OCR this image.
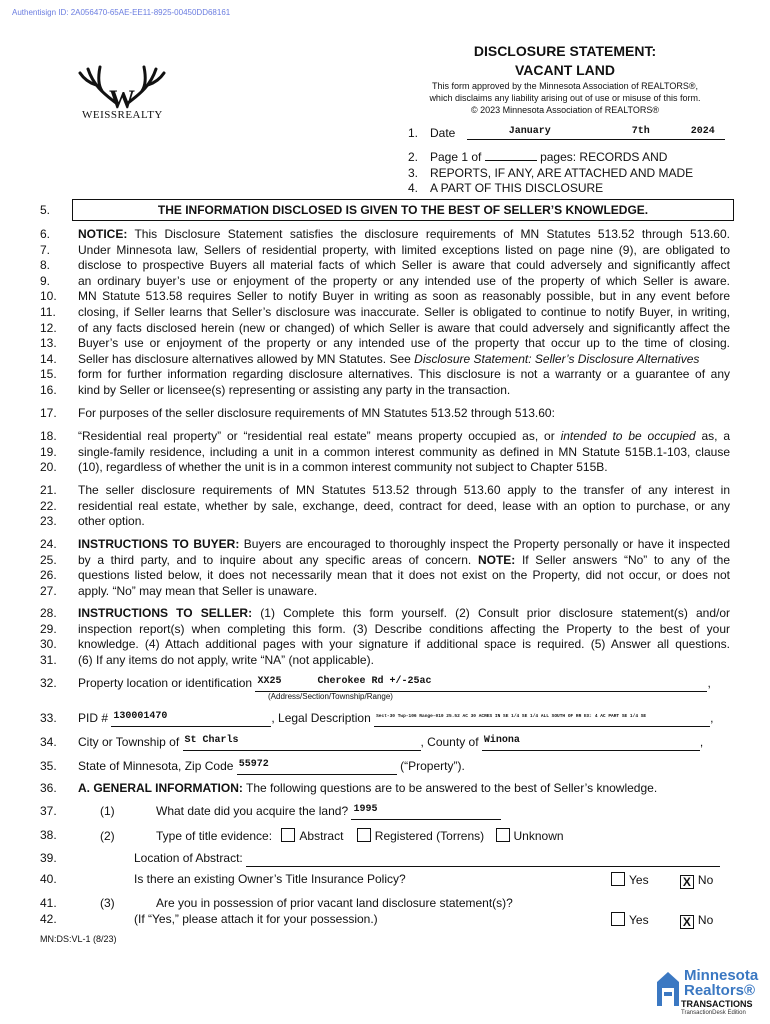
Authentisign ID: 2A056470-65AE-EE11-8925-00450DD68161
W
WEISSREALTY
DISCLOSURE STATEMENT:
VACANT LAND
This form approved by the Minnesota Association of REALTORS®,
which disclaims any liability arising out of use or misuse of this form.
© 2023 Minnesota Association of REALTORS®
1. Date	January	7th	2024
2. Page 1 of	pages: RECORDS AND
3. REPORTS, IF ANY, ARE ATTACHED AND MADE
4. A PART OF THIS DISCLOSURE
5.	THE INFORMATION DISCLOSED IS GIVEN TO THE BEST OF SELLER’S KNOWLEDGE.
6. NOTICE: This Disclosure Statement satisfies the disclosure requirements of MN Statutes 513.52 through 513.60.
7. Under Minnesota law, Sellers of residential property, with limited exceptions listed on page nine (9), are obligated to
8. disclose to prospective Buyers all material facts of which Seller is aware that could adversely and significantly affect
9. an ordinary buyer’s use or enjoyment of the property or any intended use of the property of which Seller is aware.
10. MN Statute 513.58 requires Seller to notify Buyer in writing as soon as reasonably possible, but in any event before
11. closing, if Seller learns that Seller’s disclosure was inaccurate. Seller is obligated to continue to notify Buyer, in writing,
12. of any facts disclosed herein (new or changed) of which Seller is aware that could adversely and significantly affect the
13. Buyer’s use or enjoyment of the property or any intended use of the property that occur up to the time of closing.
14. Seller has disclosure alternatives allowed by MN Statutes. See Disclosure Statement: Seller’s Disclosure Alternatives
15. form for further information regarding disclosure alternatives. This disclosure is not a warranty or a guarantee of any
16. kind by Seller or licensee(s) representing or assisting any party in the transaction.
17. For purposes of the seller disclosure requirements of MN Statutes 513.52 through 513.60:
18. “Residential real property” or “residential real estate” means property occupied as, or intended to be occupied as, a
19. single-family residence, including a unit in a common interest community as defined in MN Statute 515B.1-103, clause
20. (10), regardless of whether the unit is in a common interest community not subject to Chapter 515B.
21. The seller disclosure requirements of MN Statutes 513.52 through 513.60 apply to the transfer of any interest in
22. residential real estate, whether by sale, exchange, deed, contract for deed, lease with an option to purchase, or any
23. other option.
24. INSTRUCTIONS TO BUYER: Buyers are encouraged to thoroughly inspect the Property personally or have it inspected
25. by a third party, and to inquire about any specific areas of concern. NOTE: If Seller answers “No” to any of the
26. questions listed below, it does not necessarily mean that it does not exist on the Property, did not occur, or does not
27. apply. “No” may mean that Seller is unaware.
28. INSTRUCTIONS TO SELLER: (1) Complete this form yourself. (2) Consult prior disclosure statement(s) and/or
29. inspection report(s) when completing this form. (3) Describe conditions affecting the Property to the best of your
30. knowledge. (4) Attach additional pages with your signature if additional space is required. (5) Answer all questions.
31. (6) If any items do not apply, write “NA” (not applicable).
32. Property location or identification XX25	Cherokee Rd +/-25ac	,
(Address/Section/Township/Range)
33. PID # 130001470	, Legal Description Sect-30 Twp-106 Range-010 25.52 AC 30 ACRES IN SE 1/4 SE 1/4 ALL SOUTH OF RR EX: 4 AC PART SE 1/4 SE	,
34. City or Township of St Charls	, County of Winona	,
35. State of Minnesota, Zip Code 55972	(“Property”).
36. A. GENERAL INFORMATION: The following questions are to be answered to the best of Seller’s knowledge.
37.	(1)	What date did you acquire the land? 1995
38.	(2)	Type of title evidence: Abstract	Registered (Torrens) Unknown
39.	Location of Abstract:
40.	Is there an existing Owner’s Title Insurance Policy?	Yes	X No
41.	(3)	Are you in possession of prior vacant land disclosure statement(s)?
42.	(If “Yes,” please attach it for your possession.)	Yes	X No
MN:DS:VL-1 (8/23)
Minnesota
Realtors®
TRANSACTIONS
TransactionDesk Edition
